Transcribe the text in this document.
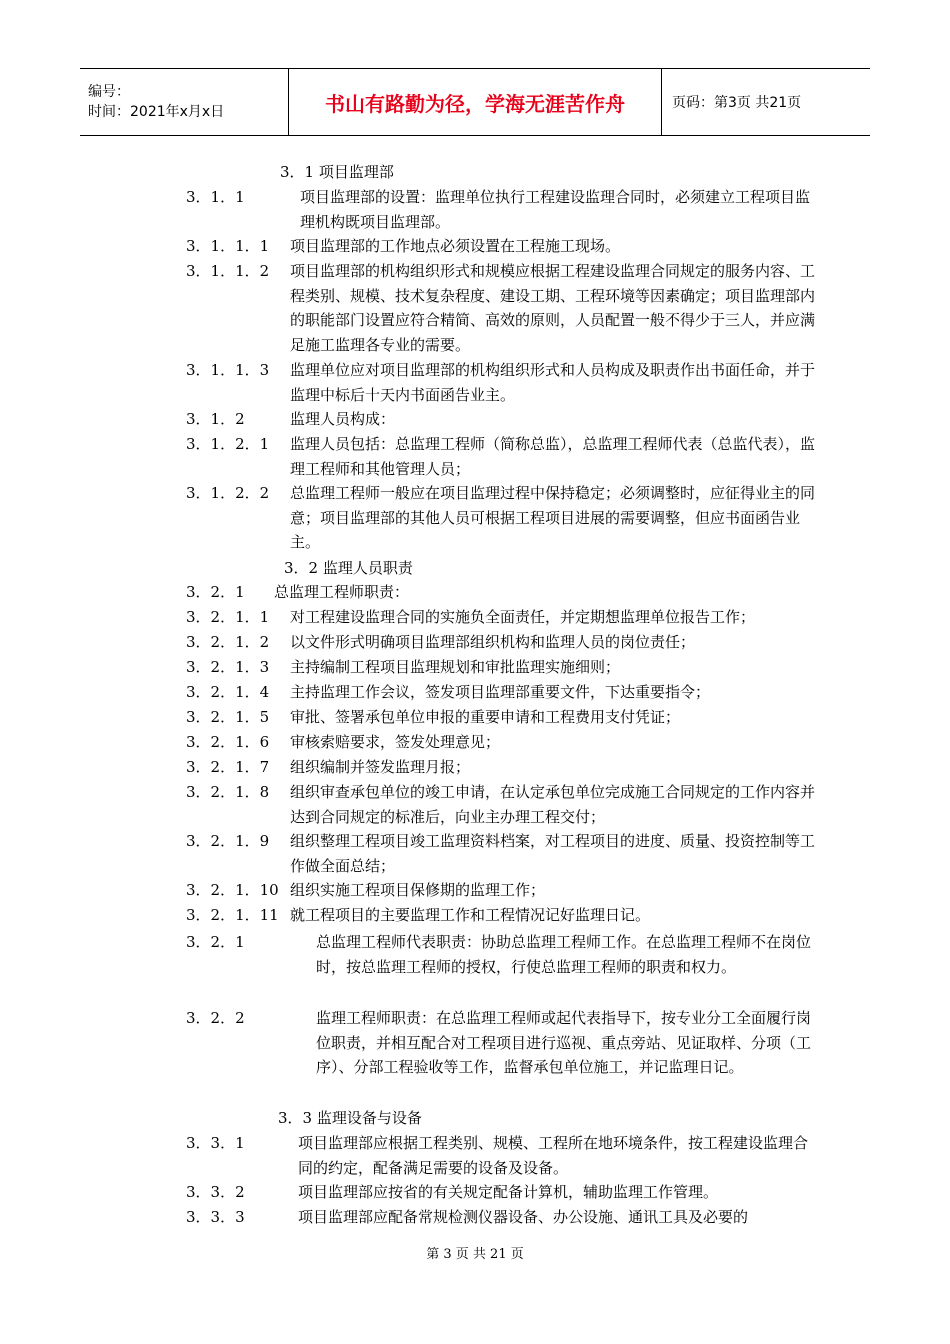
编号：
时间：2021年x月x日	书山有路勤为径，学海无涯苦作舟	页码：第3页 共21页
3．1 项目监理部
3．1．1	项目监理部的设置：监理单位执行工程建设监理合同时，必须建立工程项目监理机构既项目监理部。
3．1．1．1 项目监理部的工作地点必须设置在工程施工现场。
3．1．1．2 项目监理部的机构组织形式和规模应根据工程建设监理合同规定的服务内容、工程类别、规模、技术复杂程度、建设工期、工程环境等因素确定；项目监理部内的职能部门设置应符合精简、高效的原则，人员配置一般不得少于三人，并应满足施工监理各专业的需要。
3．1．1．3 监理单位应对项目监理部的机构组织形式和人员构成及职责作出书面任命，并于监理中标后十天内书面函告业主。
3．1．2	监理人员构成：
3．1．2．1 监理人员包括：总监理工程师（简称总监），总监理工程师代表（总监代表），监理工程师和其他管理人员；
3．1．2．2 总监理工程师一般应在项目监理过程中保持稳定；必须调整时，应征得业主的同意；项目监理部的其他人员可根据工程项目进展的需要调整，但应书面函告业主。
3．2 监理人员职责
3．2．1 总监理工程师职责：
3．2．1．1 对工程建设监理合同的实施负全面责任，并定期想监理单位报告工作；
3．2．1．2 以文件形式明确项目监理部组织机构和监理人员的岗位责任；
3．2．1．3 主持编制工程项目监理规划和审批监理实施细则；
3．2．1．4 主持监理工作会议，签发项目监理部重要文件，下达重要指令；
3．2．1．5 审批、签署承包单位申报的重要申请和工程费用支付凭证；
3．2．1．6 审核索赔要求，签发处理意见；
3．2．1．7 组织编制并签发监理月报；
3．2．1．8 组织审查承包单位的竣工申请，在认定承包单位完成施工合同规定的工作内容并达到合同规定的标准后，向业主办理工程交付；
3．2．1．9 组织整理工程项目竣工监理资料档案，对工程项目的进度、质量、投资控制等工作做全面总结；
3．2．1．10 组织实施工程项目保修期的监理工作；
3．2．1．11 就工程项目的主要监理工作和工程情况记好监理日记。
3．2．1	总监理工程师代表职责：协助总监理工程师工作。在总监理工程师不在岗位时，按总监理工程师的授权，行使总监理工程师的职责和权力。
3．2．2	监理工程师职责：在总监理工程师或起代表指导下，按专业分工全面履行岗位职责，并相互配合对工程项目进行巡视、重点旁站、见证取样、分项（工序）、分部工程验收等工作，监督承包单位施工，并记监理日记。
3．3 监理设备与设备
3．3．1	项目监理部应根据工程类别、规模、工程所在地环境条件，按工程建设监理合同的约定，配备满足需要的设备及设备。
3．3．2	项目监理部应按省的有关规定配备计算机，辅助监理工作管理。
3．3．3	项目监理部应配备常规检测仪器设备、办公设施、通讯工具及必要的
第 3 页 共 21 页
